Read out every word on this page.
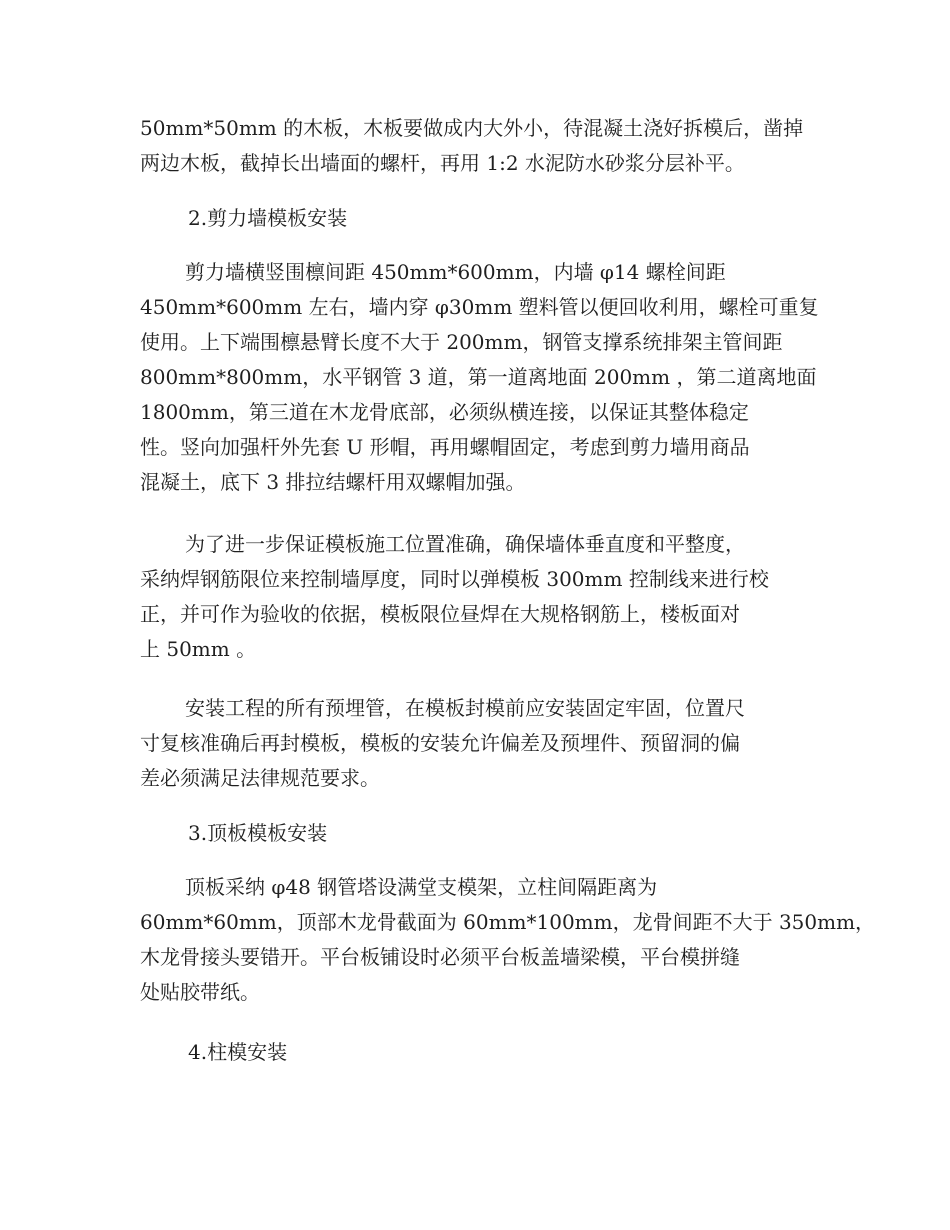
50mm*50mm 的木板，木板要做成内大外小，待混凝土浇好拆模后，凿掉
两边木板，截掉长出墙面的螺杆，再用 1:2 水泥防水砂浆分层补平。
2.剪力墙模板安装
剪力墙横竖围檩间距 450mm*600mm，内墙 φ14 螺栓间距
450mm*600mm 左右，墙内穿 φ30mm 塑料管以便回收利用，螺栓可重复
使用。上下端围檩悬臂长度不大于 200mm，钢管支撑系统排架主管间距
800mm*800mm，水平钢管 3 道，第一道离地面 200mm ，第二道离地面
1800mm，第三道在木龙骨底部，必须纵横连接，以保证其整体稳定
性。竖向加强杆外先套 U 形帽，再用螺帽固定，考虑到剪力墙用商品
混凝土，底下 3 排拉结螺杆用双螺帽加强。
为了进一步保证模板施工位置准确，确保墙体垂直度和平整度，
采纳焊钢筋限位来控制墙厚度，同时以弹模板 300mm 控制线来进行校
正，并可作为验收的依据，模板限位昼焊在大规格钢筋上，楼板面对
上 50mm 。
安装工程的所有预埋管，在模板封模前应安装固定牢固，位置尺
寸复核准确后再封模板，模板的安装允许偏差及预埋件、预留洞的偏
差必须满足法律规范要求。
3.顶板模板安装
顶板采纳 φ48 钢管塔设满堂支模架，立柱间隔距离为
60mm*60mm，顶部木龙骨截面为 60mm*100mm，龙骨间距不大于 350mm，
木龙骨接头要错开。平台板铺设时必须平台板盖墙梁模，平台模拼缝
处贴胶带纸。
4.柱模安装
